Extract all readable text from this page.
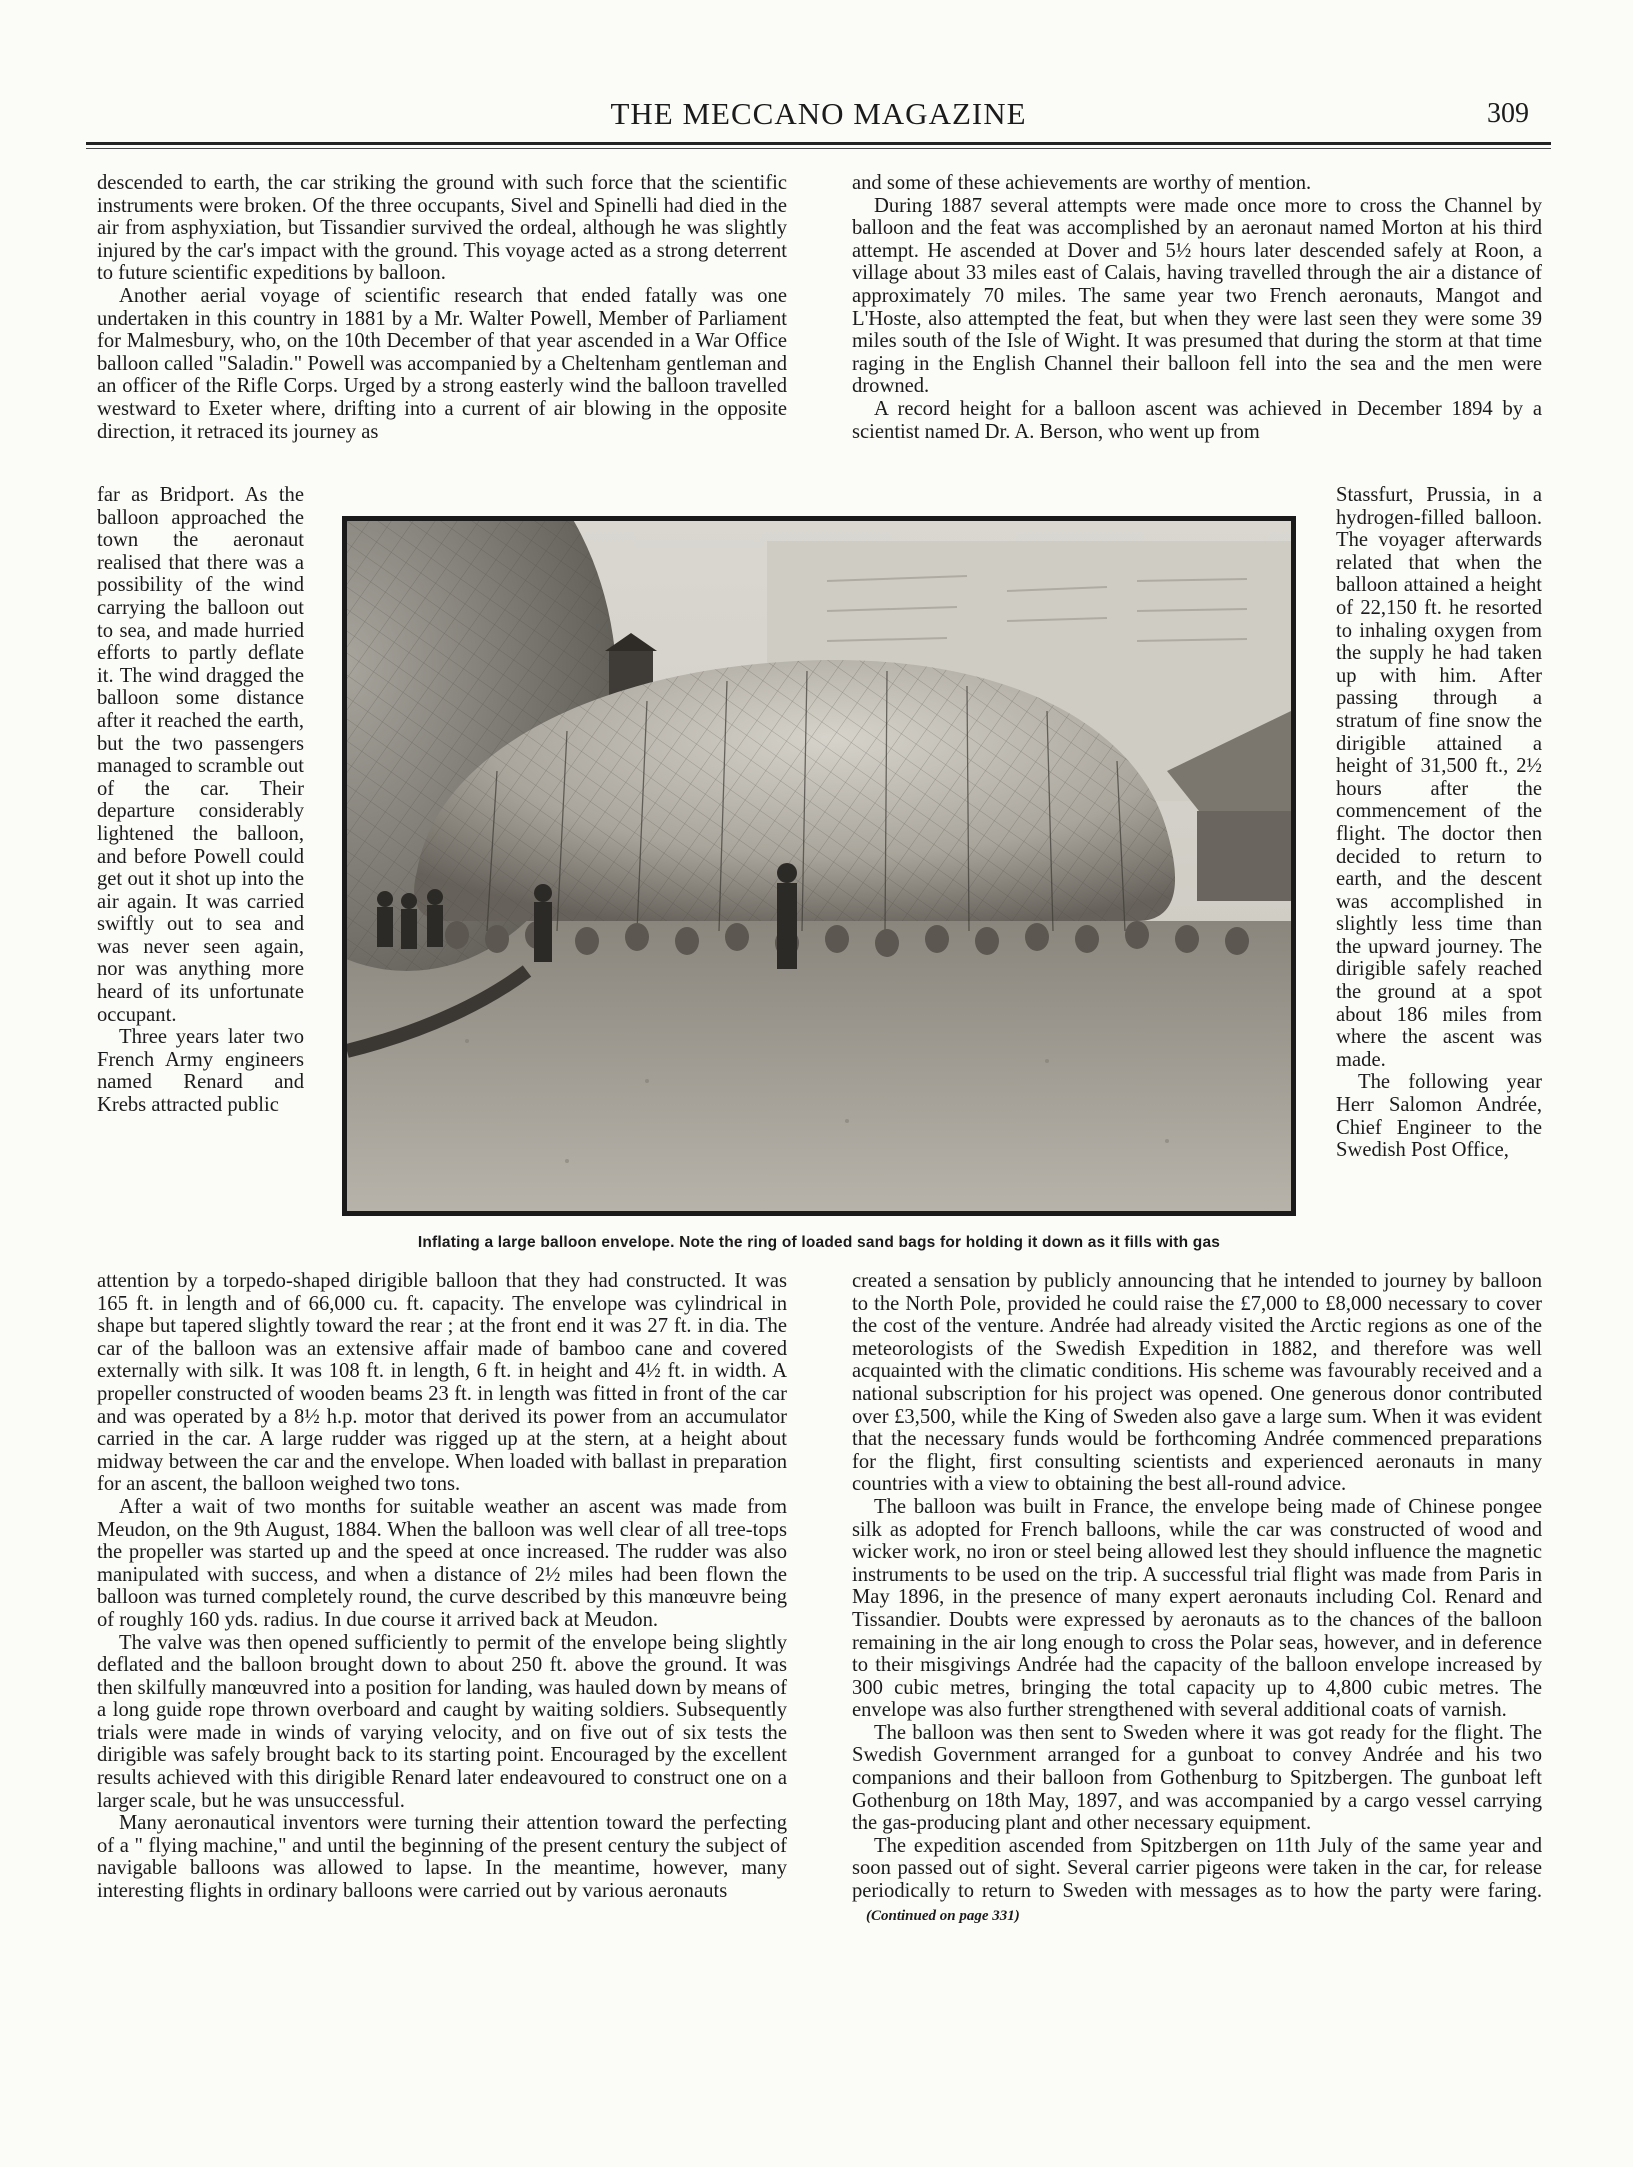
THE MECCANO MAGAZINE	309

descended to earth, the car striking the ground with such force that the scientific instruments were broken. Of the three occupants, Sivel and Spinelli had died in the air from asphyxiation, but Tissandier survived the ordeal, although he was slightly injured by the car's impact with the ground. This voyage acted as a strong deterrent to future scientific expeditions by balloon.

Another aerial voyage of scientific research that ended fatally was one undertaken in this country in 1881 by a Mr. Walter Powell, Member of Parliament for Malmesbury, who, on the 10th December of that year ascended in a War Office balloon called "Saladin." Powell was accompanied by a Cheltenham gentleman and an officer of the Rifle Corps. Urged by a strong easterly wind the balloon travelled westward to Exeter where, drifting into a current of air blowing in the opposite direction, it retraced its journey as

far as Bridport. As the balloon approached the town the aeronaut realised that there was a possibility of the wind carrying the balloon out to sea, and made hurried efforts to partly deflate it. The wind dragged the balloon some distance after it reached the earth, but the two passengers managed to scramble out of the car. Their departure considerably lightened the balloon, and before Powell could get out it shot up into the air again. It was carried swiftly out to sea and was never seen again, nor was anything more heard of its unfortunate occupant.

Three years later two French Army engineers named Renard and Krebs attracted public

and some of these achievements are worthy of mention.

During 1887 several attempts were made once more to cross the Channel by balloon and the feat was accomplished by an aeronaut named Morton at his third attempt. He ascended at Dover and 5½ hours later descended safely at Roon, a village about 33 miles east of Calais, having travelled through the air a distance of approximately 70 miles. The same year two French aeronauts, Mangot and L'Hoste, also attempted the feat, but when they were last seen they were some 39 miles south of the Isle of Wight. It was presumed that during the storm at that time raging in the English Channel their balloon fell into the sea and the men were drowned.

A record height for a balloon ascent was achieved in December 1894 by a scientist named Dr. A. Berson, who went up from

Stassfurt, Prussia, in a hydrogen-filled balloon. The voyager afterwards related that when the balloon attained a height of 22,150 ft. he resorted to inhaling oxygen from the supply he had taken up with him. After passing through a stratum of fine snow the dirigible attained a height of 31,500 ft., 2½ hours after the commencement of the flight. The doctor then decided to return to earth, and the descent was accomplished in slightly less time than the upward journey. The dirigible safely reached the ground at a spot about 186 miles from where the ascent was made.

The following year Herr Salomon Andrée, Chief Engineer to the Swedish Post Office,

Inflating a large balloon envelope. Note the ring of loaded sand bags for holding it down as it fills with gas

attention by a torpedo-shaped dirigible balloon that they had constructed. It was 165 ft. in length and of 66,000 cu. ft. capacity. The envelope was cylindrical in shape but tapered slightly toward the rear ; at the front end it was 27 ft. in dia. The car of the balloon was an extensive affair made of bamboo cane and covered externally with silk. It was 108 ft. in length, 6 ft. in height and 4½ ft. in width. A propeller constructed of wooden beams 23 ft. in length was fitted in front of the car and was operated by a 8½ h.p. motor that derived its power from an accumulator carried in the car. A large rudder was rigged up at the stern, at a height about midway between the car and the envelope. When loaded with ballast in preparation for an ascent, the balloon weighed two tons.

After a wait of two months for suitable weather an ascent was made from Meudon, on the 9th August, 1884. When the balloon was well clear of all tree-tops the propeller was started up and the speed at once increased. The rudder was also manipulated with success, and when a distance of 2½ miles had been flown the balloon was turned completely round, the curve described by this manœuvre being of roughly 160 yds. radius. In due course it arrived back at Meudon.

The valve was then opened sufficiently to permit of the envelope being slightly deflated and the balloon brought down to about 250 ft. above the ground. It was then skilfully manœuvred into a position for landing, was hauled down by means of a long guide rope thrown overboard and caught by waiting soldiers. Subsequently trials were made in winds of varying velocity, and on five out of six tests the dirigible was safely brought back to its starting point. Encouraged by the excellent results achieved with this dirigible Renard later endeavoured to construct one on a larger scale, but he was unsuccessful.

Many aeronautical inventors were turning their attention toward the perfecting of a " flying machine," and until the beginning of the present century the subject of navigable balloons was allowed to lapse. In the meantime, however, many interesting flights in ordinary balloons were carried out by various aeronauts

created a sensation by publicly announcing that he intended to journey by balloon to the North Pole, provided he could raise the £7,000 to £8,000 necessary to cover the cost of the venture. Andrée had already visited the Arctic regions as one of the meteorologists of the Swedish Expedition in 1882, and therefore was well acquainted with the climatic conditions. His scheme was favourably received and a national subscription for his project was opened. One generous donor contributed over £3,500, while the King of Sweden also gave a large sum. When it was evident that the necessary funds would be forthcoming Andrée commenced preparations for the flight, first consulting scientists and experienced aeronauts in many countries with a view to obtaining the best all-round advice.

The balloon was built in France, the envelope being made of Chinese pongee silk as adopted for French balloons, while the car was constructed of wood and wicker work, no iron or steel being allowed lest they should influence the magnetic instruments to be used on the trip. A successful trial flight was made from Paris in May 1896, in the presence of many expert aeronauts including Col. Renard and Tissandier. Doubts were expressed by aeronauts as to the chances of the balloon remaining in the air long enough to cross the Polar seas, however, and in deference to their misgivings Andrée had the capacity of the balloon envelope increased by 300 cubic metres, bringing the total capacity up to 4,800 cubic metres. The envelope was also further strengthened with several additional coats of varnish.

The balloon was then sent to Sweden where it was got ready for the flight. The Swedish Government arranged for a gunboat to convey Andrée and his two companions and their balloon from Gothenburg to Spitzbergen. The gunboat left Gothenburg on 18th May, 1897, and was accompanied by a cargo vessel carrying the gas-producing plant and other necessary equipment.

The expedition ascended from Spitzbergen on 11th July of the same year and soon passed out of sight. Several carrier pigeons were taken in the car, for release periodically to return to Sweden with messages as to how the party were faring.(Continued on page 331)
